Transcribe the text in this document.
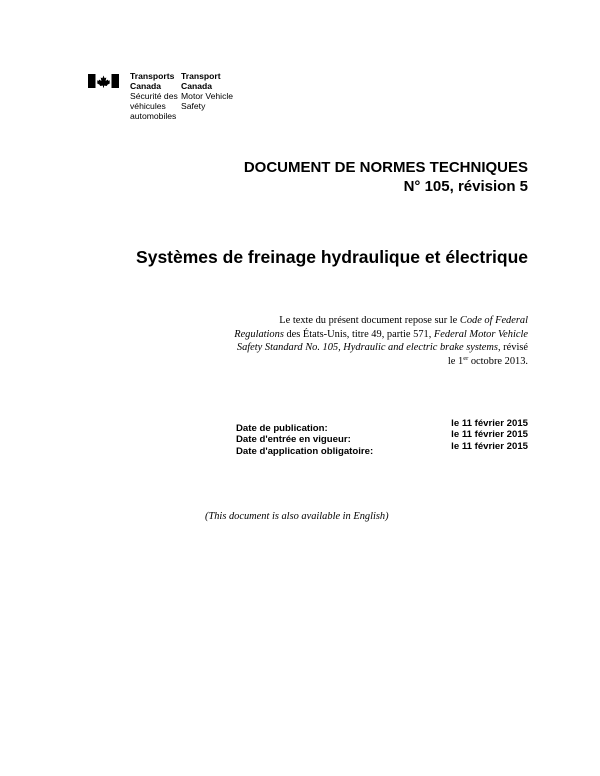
Transports
Canada
Sécurité des
véhicules
automobiles
Transport
Canada
Motor Vehicle
Safety
DOCUMENT DE NORMES TECHNIQUES
N° 105, révision 5
Systèmes de freinage hydraulique et électrique
Le texte du présent document repose sur le Code of Federal Regulations des États-Unis, titre 49, partie 571, Federal Motor Vehicle Safety Standard No. 105, Hydraulic and electric brake systems, révisé le 1er octobre 2013.
Date de publication:
Date d'entrée en vigueur:
Date d'application obligatoire:
le 11 février 2015
le 11 février 2015
le 11 février 2015
(This document is also available in English)
